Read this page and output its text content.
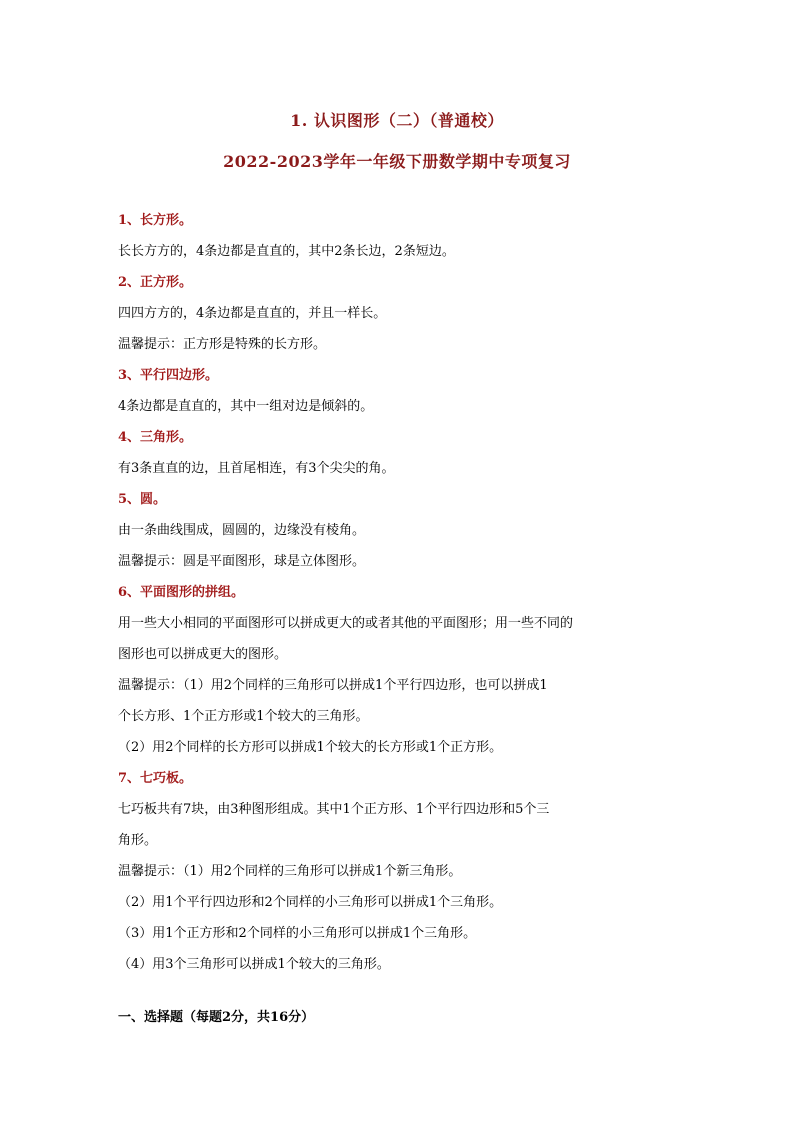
1. 认识图形（二）（普通校）
2022-2023学年一年级下册数学期中专项复习
1、长方形。
长长方方的，4条边都是直直的，其中2条长边，2条短边。
2、正方形。
四四方方的，4条边都是直直的，并且一样长。
温馨提示：正方形是特殊的长方形。
3、平行四边形。
4条边都是直直的，其中一组对边是倾斜的。
4、三角形。
有3条直直的边，且首尾相连，有3个尖尖的角。
5、圆。
由一条曲线围成，圆圆的，边缘没有棱角。
温馨提示：圆是平面图形，球是立体图形。
6、平面图形的拼组。
用一些大小相同的平面图形可以拼成更大的或者其他的平面图形；用一些不同的
图形也可以拼成更大的图形。
温馨提示：（1）用2个同样的三角形可以拼成1个平行四边形，也可以拼成1
个长方形、1个正方形或1个较大的三角形。
（2）用2个同样的长方形可以拼成1个较大的长方形或1个正方形。
7、七巧板。
七巧板共有7块，由3种图形组成。其中1个正方形、1个平行四边形和5个三
角形。
温馨提示：（1）用2个同样的三角形可以拼成1个新三角形。
（2）用1个平行四边形和2个同样的小三角形可以拼成1个三角形。
（3）用1个正方形和2个同样的小三角形可以拼成1个三角形。
（4）用3个三角形可以拼成1个较大的三角形。
一、选择题（每题2分，共16分）
